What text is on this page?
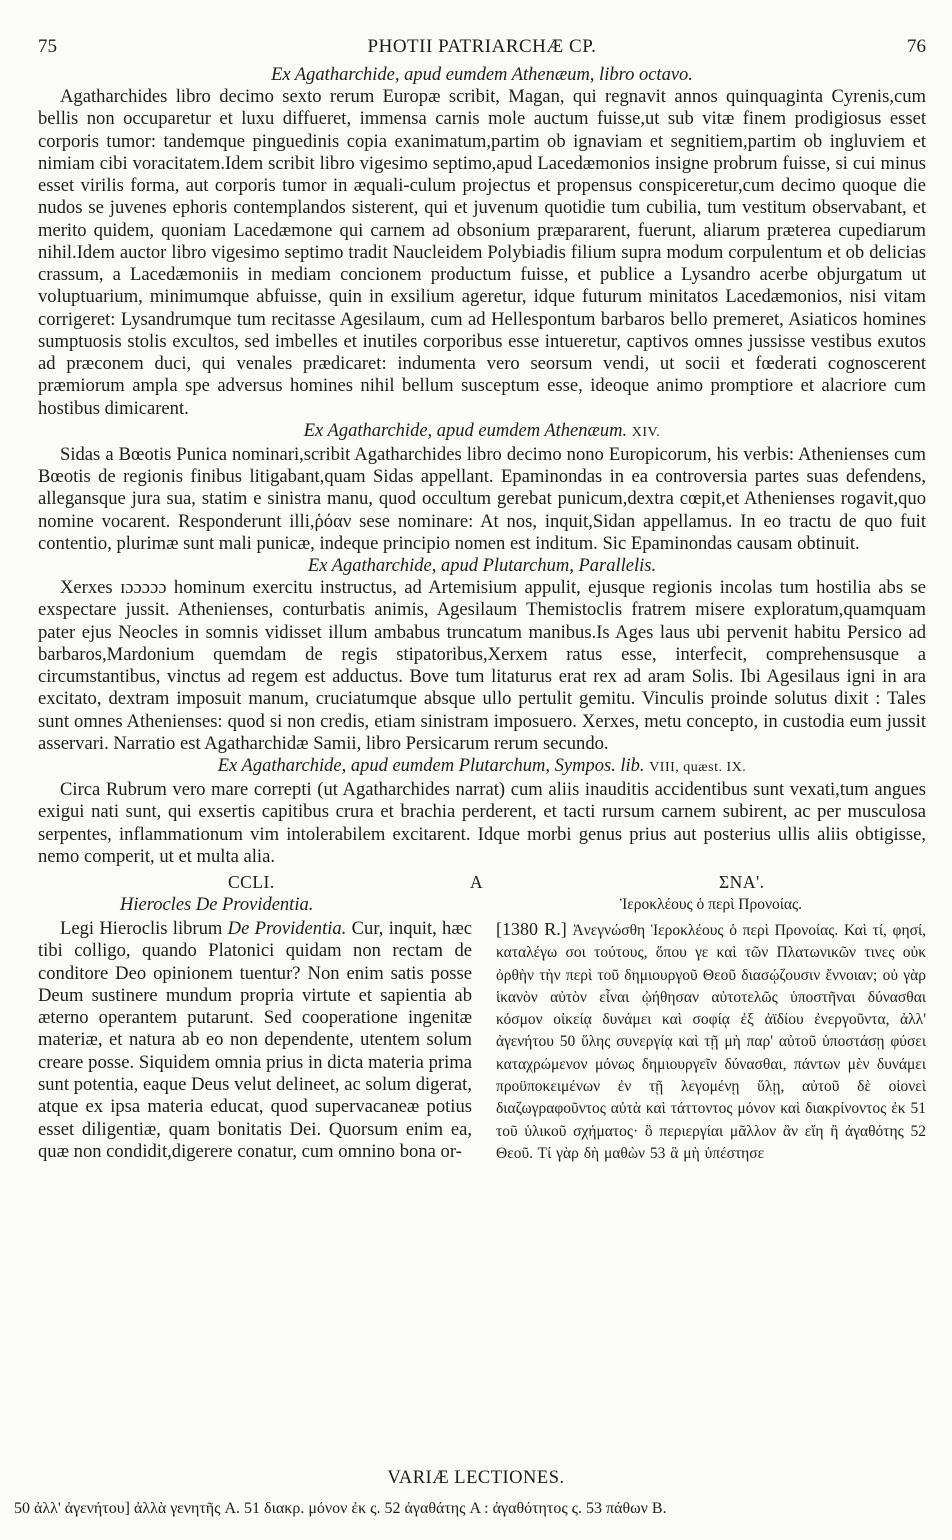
75	PHOTII PATRIARCHÆ CP.	76
Ex Agatharchide, apud eumdem Athenæum, libro octavo.

Agatharchides libro decimo sexto rerum Europæ scribit, Magan, qui regnavit annos quinquaginta Cyrenis,cum bellis non occuparetur et luxu diffueret, immensa carnis mole auctum fuisse,ut sub vitæ finem prodigiosus esset corporis tumor: tandemque pinguedinis copia exanimatum,partim ob ignaviam et segnitiem,partim ob ingluviem et nimiam cibi voracitatem.Idem scribit libro vigesimo septimo,apud Lacedæmonios insigne probrum fuisse, si cui minus esset virilis forma, aut corporis tumor in æquali-culum projectus et propensus conspiceretur,cum decimo quoque die nudos se juvenes ephoris contemplandos sisterent, qui et juvenum quotidie tum cubilia, tum vestitum observabant, et merito quidem, quoniam Lacedæmone qui carnem ad obsonium præpararent, fuerunt, aliarum præterea cupediarum nihil.Idem auctor libro vigesimo septimo tradit Naucleidem Polybiadis filium supra modum corpulentum et ob delicias crassum, a Lacedæmoniis in mediam concionem productum fuisse, et publice a Lysandro acerbe objurgatum ut voluptuarium, minimumque abfuisse, quin in exsilium ageretur, idque futurum minitatos Lacedæmonios, nisi vitam corrigeret: Lysandrumque tum recitasse Agesilaum, cum ad Hellespontum barbaros bello premeret, Asiaticos homines sumptuosis stolis excultos, sed imbelles et inutiles corporibus esse intueretur, captivos omnes jussisse vestibus exutos ad præconem duci, qui venales prædicaret: indumenta vero seorsum vendi, ut socii et fœderati cognoscerent præmiorum ampla spe adversus homines nihil bellum susceptum esse, ideoque animo promptiore et alacriore cum hostibus dimicarent.

Ex Agatharchide, apud eumdem Athenæum. XIV.

Sidas a Bœotis Punica nominari,scribit Agatharchides libro decimo nono Europicorum, his verbis: Athenienses cum Bœotis de regionis finibus litigabant,quam Sidas appellant. Epaminondas in ea controversia partes suas defendens, allegansque jura sua, statim e sinistra manu, quod occultum gerebat punicum,dextra cœpit,et Athenienses rogavit,quo nomine vocarent. Responderunt illi,ῥόαν sese nominare: At nos, inquit,Sidan appellamus. In eo tractu de quo fuit contentio, plurimæ sunt mali punicæ, indeque principio nomen est inditum. Sic Epaminondas causam obtinuit.

Ex Agatharchide, apud Plutarchum, Parallelis.

Xerxes ɪɔɔɔɔɔ hominum exercitu instructus, ad Artemisium appulit, ejusque regionis incolas tum hostilia abs se exspectare jussit. Athenienses, conturbatis animis, Agesilaum Themistoclis fratrem misere exploratum,quamquam pater ejus Neocles in somnis vidisset illum ambabus truncatum manibus.Is Ages laus ubi pervenit habitu Persico ad barbaros,Mardonium quemdam de regis stipatoribus,Xerxem ratus esse, interfecit, comprehensusque a circumstantibus, vinctus ad regem est adductus. Bove tum litaturus erat rex ad aram Solis. Ibi Agesilaus igni in ara excitato, dextram imposuit manum, cruciatumque absque ullo pertulit gemitu. Vinculis proinde solutus dixit : Tales sunt omnes Athenienses: quod si non credis, etiam sinistram imposuero. Xerxes, metu concepto, in custodia eum jussit asservari. Narratio est Agatharchidæ Samii, libro Persicarum rerum secundo.

Ex Agatharchide, apud eumdem Plutarchum, Sympos. lib. VIII, quæst. IX.

Circa Rubrum vero mare correpti (ut Agatharchides narrat) cum aliis inauditis accidentibus sunt vexati,tum angues exigui nati sunt, qui exsertis capitibus crura et brachia perderent, et tacti rursum carnem subirent, ac per musculosa serpentes, inflammationum vim intolerabilem excitarent. Idque morbi genus prius aut posterius ullis aliis obtigisse, nemo comperit, ut et multa alia.

CCLI.	A	ΣΝΑ'.
Hierocles De Providentia.

Legi Hieroclis librum De Providentia. Cur, inquit, hæc tibi colligo, quando Platonici quidam non rectam de conditore Deo opinionem tuentur? Non enim satis posse Deum sustinere mundum propria virtute et sapientia ab æterno operantem putarunt. Sed cooperatione ingenitæ materiæ, et natura ab eo non dependente, utentem solum creare posse. Siquidem omnia prius in dicta materia prima sunt potentia, eaque Deus velut delineet, ac solum digerat, atque ex ipsa materia educat, quod supervacaneæ potius esset diligentiæ, quam bonitatis Dei. Quorsum enim ea, quæ non condidit,digerere conatur, cum omnino bona or-

Ἱεροκλέους ὁ περὶ Προνοίας.

[1380 R.] Ἀνεγνώσθη Ἱεροκλέους ὁ περὶ Προνοίας. Καὶ τί, φησί, καταλέγω σοι τούτους, ὅπου γε καὶ τῶν Πλατωνικῶν τινες οὐκ ὀρθὴν τὴν περὶ τοῦ δημιουργοῦ Θεοῦ διασῴζουσιν ἔννοιαν; οὐ γὰρ ἱκανὸν αὐτὸν εἶναι ᾠήθησαν αὐτοτελῶς ὑποστῆναι δύνασθαι κόσμον οἰκείᾳ δυνάμει καὶ σοφίᾳ ἐξ ἀϊδίου ἐνεργοῦντα, ἀλλ' ἀγενήτου 50 ὕλης συνεργίᾳ καὶ τῇ μὴ παρ' αὐτοῦ ὑποστάσῃ φύσει καταχρώμενον μόνως δημιουργεῖν δύνασθαι, πάντων μὲν δυνάμει προϋποκειμένων ἐν τῇ λεγομένῃ ὕλῃ, αὐτοῦ δὲ οἱονεὶ διαζωγραφοῦντος αὐτὰ καὶ τάττοντος μόνον καὶ διακρίνοντος ἐκ 51 τοῦ ὑλικοῦ σχήματος· ὃ περιεργίαι μᾶλλον ἂν εἴη ἢ ἀγαθότης 52 Θεοῦ. Τί γὰρ δὴ μαθὼν 53 ἃ μὴ ὑπέστησε

VARIÆ LECTIONES.
50 ἀλλ' ἀγενήτου] ἀλλὰ γενητῆς A. 51 διακρ. μόνον ἐκ ς. 52 ἀγαθάτης A : ἀγαθότητος ς. 53 πάθων B.
